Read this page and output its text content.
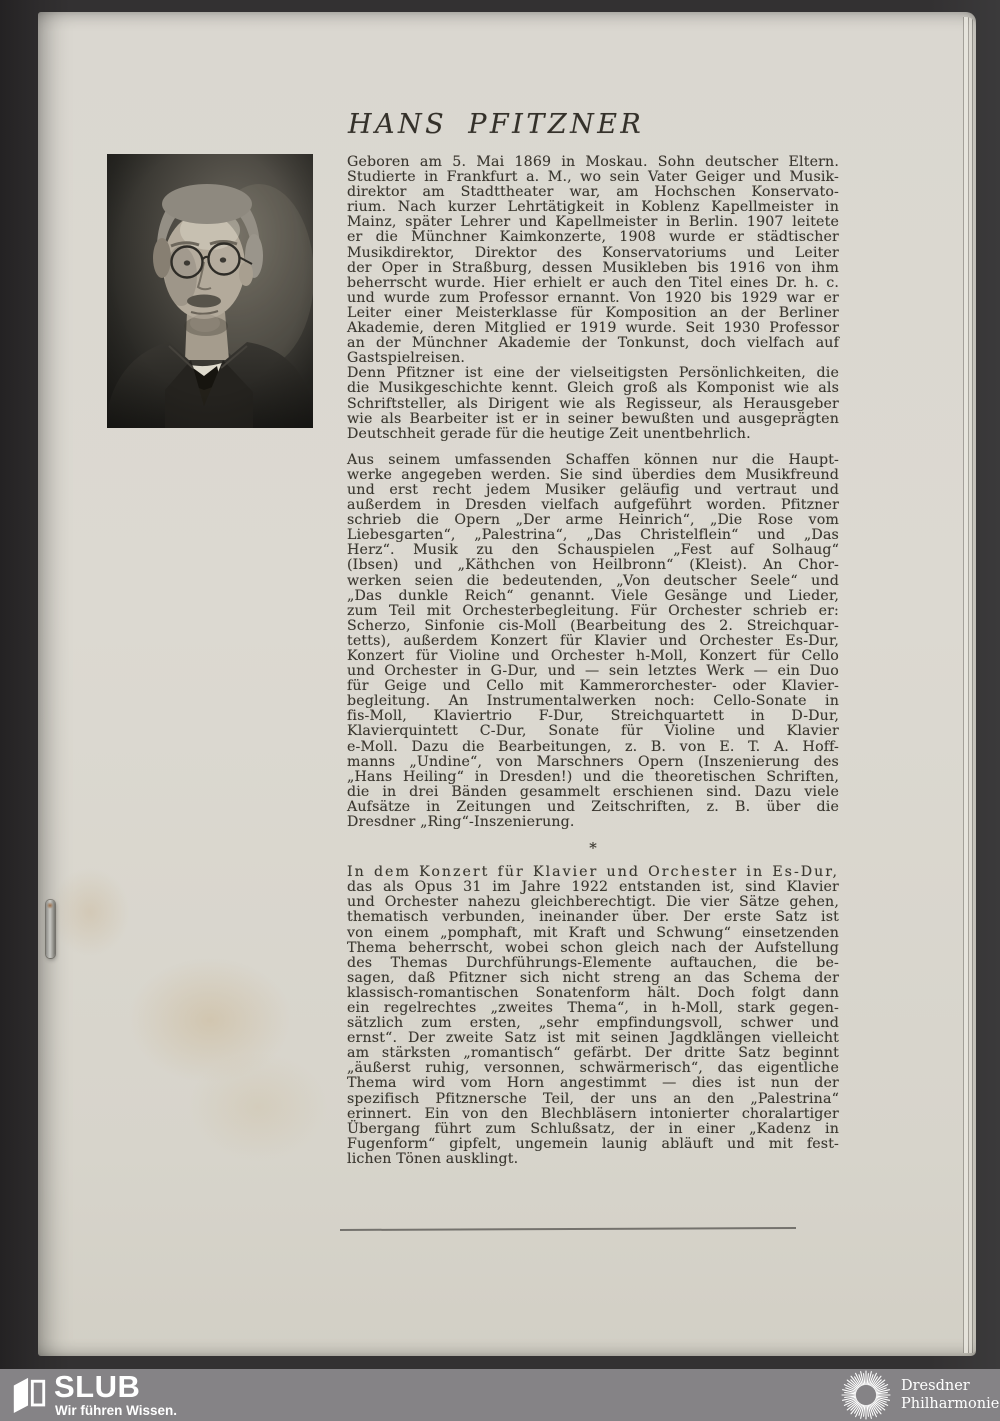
HANS PFITZNER
Geboren am 5. Mai 1869 in Moskau. Sohn deutscher Eltern.
Studierte in Frankfurt a. M., wo sein Vater Geiger und Musik-
direktor am Stadttheater war, am Hochschen Konservato-
rium. Nach kurzer Lehrtätigkeit in Koblenz Kapellmeister in
Mainz, später Lehrer und Kapellmeister in Berlin. 1907 leitete
er die Münchner Kaimkonzerte, 1908 wurde er städtischer
Musikdirektor, Direktor des Konservatoriums und Leiter
der Oper in Straßburg, dessen Musikleben bis 1916 von ihm
beherrscht wurde. Hier erhielt er auch den Titel eines Dr. h. c.
und wurde zum Professor ernannt. Von 1920 bis 1929 war er
Leiter einer Meisterklasse für Komposition an der Berliner
Akademie, deren Mitglied er 1919 wurde. Seit 1930 Professor
an der Münchner Akademie der Tonkunst, doch vielfach auf
Gastspielreisen.
Denn Pfitzner ist eine der vielseitigsten Persönlichkeiten, die
die Musikgeschichte kennt. Gleich groß als Komponist wie als
Schriftsteller, als Dirigent wie als Regisseur, als Herausgeber
wie als Bearbeiter ist er in seiner bewußten und ausgeprägten
Deutschheit gerade für die heutige Zeit unentbehrlich.
Aus seinem umfassenden Schaffen können nur die Haupt-
werke angegeben werden. Sie sind überdies dem Musikfreund
und erst recht jedem Musiker geläufig und vertraut und
außerdem in Dresden vielfach aufgeführt worden. Pfitzner
schrieb die Opern „Der arme Heinrich“, „Die Rose vom
Liebesgarten“, „Palestrina“, „Das Christelflein“ und „Das
Herz“. Musik zu den Schauspielen „Fest auf Solhaug“
(Ibsen) und „Käthchen von Heilbronn“ (Kleist). An Chor-
werken seien die bedeutenden, „Von deutscher Seele“ und
„Das dunkle Reich“ genannt. Viele Gesänge und Lieder,
zum Teil mit Orchesterbegleitung. Für Orchester schrieb er:
Scherzo, Sinfonie cis-Moll (Bearbeitung des 2. Streichquar-
tetts), außerdem Konzert für Klavier und Orchester Es-Dur,
Konzert für Violine und Orchester h-Moll, Konzert für Cello
und Orchester in G-Dur, und — sein letztes Werk — ein Duo
für Geige und Cello mit Kammerorchester- oder Klavier-
begleitung. An Instrumentalwerken noch: Cello-Sonate in
fis-Moll, Klaviertrio F-Dur, Streichquartett in D-Dur,
Klavierquintett C-Dur, Sonate für Violine und Klavier
e-Moll. Dazu die Bearbeitungen, z. B. von E. T. A. Hoff-
manns „Undine“, von Marschners Opern (Inszenierung des
„Hans Heiling“ in Dresden!) und die theoretischen Schriften,
die in drei Bänden gesammelt erschienen sind. Dazu viele
Aufsätze in Zeitungen und Zeitschriften, z. B. über die
Dresdner „Ring“-Inszenierung.
*
In dem Konzert für Klavier und Orchester in Es-Dur,
das als Opus 31 im Jahre 1922 entstanden ist, sind Klavier
und Orchester nahezu gleichberechtigt. Die vier Sätze gehen,
thematisch verbunden, ineinander über. Der erste Satz ist
von einem „pomphaft, mit Kraft und Schwung“ einsetzenden
Thema beherrscht, wobei schon gleich nach der Aufstellung
des Themas Durchführungs-Elemente auftauchen, die be-
sagen, daß Pfitzner sich nicht streng an das Schema der
klassisch-romantischen Sonatenform hält. Doch folgt dann
ein regelrechtes „zweites Thema“, in h-Moll, stark gegen-
sätzlich zum ersten, „sehr empfindungsvoll, schwer und
ernst“. Der zweite Satz ist mit seinen Jagdklängen vielleicht
am stärksten „romantisch“ gefärbt. Der dritte Satz beginnt
„äußerst ruhig, versonnen, schwärmerisch“, das eigentliche
Thema wird vom Horn angestimmt — dies ist nun der
spezifisch Pfitznersche Teil, der uns an den „Palestrina“
erinnert. Ein von den Blechbläsern intonierter choralartiger
Übergang führt zum Schlußsatz, der in einer „Kadenz in
Fugenform“ gipfelt, ungemein launig abläuft und mit fest-
lichen Tönen ausklingt.
SLUB
Wir führen Wissen.
Dresdner
Philharmonie
